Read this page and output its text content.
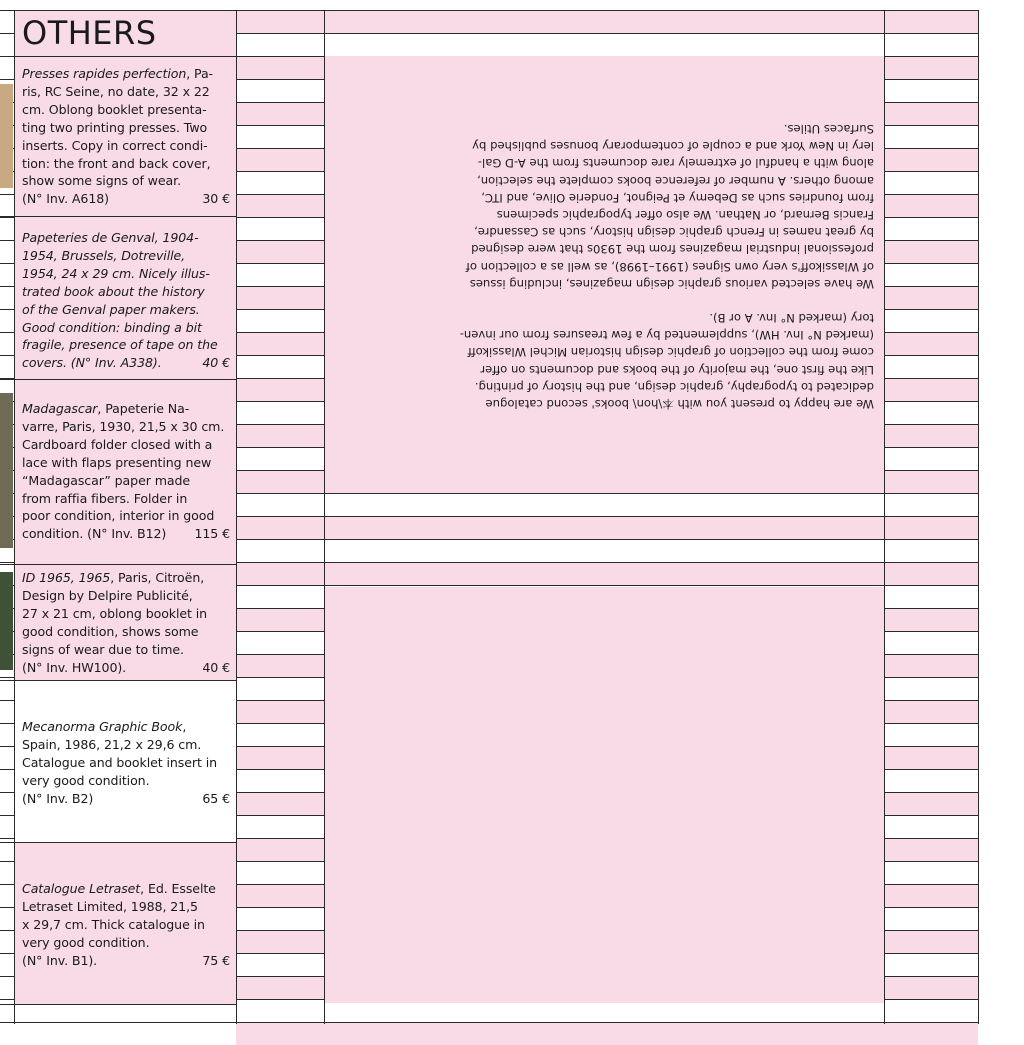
We are happy to present you with 本\hon\ books' second catalogue
dedicated to typography, graphic design, and the history of printing.
Like the first one, the majority of the books and documents on offer
come from the collection of graphic design historian Michel Wlassikoff
(marked N° Inv. HW), supplemented by a few treasures from our inven-
tory (marked N° Inv. A or B).

We have selected various graphic design magazines, including issues
of Wlassikoff's very own Signes (1991–1998), as well as a collection of
professional industrial magazines from the 1930s that were designed
by great names in French graphic design history, such as Cassandre,
Francis Bernard, or Nathan. We also offer typographic specimens
from foundries such as Debemy et Peignot, Fonderie Olive, and ITC,
among others. A number of reference books complete the selection,
along with a handful of extremely rare documents from the A-D Gal-
lery in New York and a couple of contemporary bonuses published by
Surfaces Utiles.

OTHERS
Presses rapides perfection, Pa-
ris, RC Seine, no date, 32 x 22
cm. Oblong booklet presenta-
ting two printing presses. Two
inserts. Copy in correct condi-
tion: the front and back cover,
show some signs of wear.
(N° Inv. A618)	30 €
Papeteries de Genval, 1904-
1954, Brussels, Dotreville,
1954, 24 x 29 cm. Nicely illus-
trated book about the history
of the Genval paper makers.
Good condition: binding a bit
fragile, presence of tape on the
covers. (N° Inv. A338).	40 €
Madagascar, Papeterie Na-
varre, Paris, 1930, 21,5 x 30 cm.
Cardboard folder closed with a
lace with flaps presenting new
“Madagascar” paper made
from raffia fibers. Folder in
poor condition, interior in good
condition. (N° Inv. B12) 115 €
ID 1965, 1965, Paris, Citroën,
Design by Delpire Publicité,
27 x 21 cm, oblong booklet in
good condition, shows some
signs of wear due to time.
(N° Inv. HW100).	40 €
Mecanorma Graphic Book,
Spain, 1986, 21,2 x 29,6 cm.
Catalogue and booklet insert in
very good condition.
(N° Inv. B2)	65 €
Catalogue Letraset, Ed. Esselte
Letraset Limited, 1988, 21,5
x 29,7 cm. Thick catalogue in
very good condition.
(N° Inv. B1).	75 €
